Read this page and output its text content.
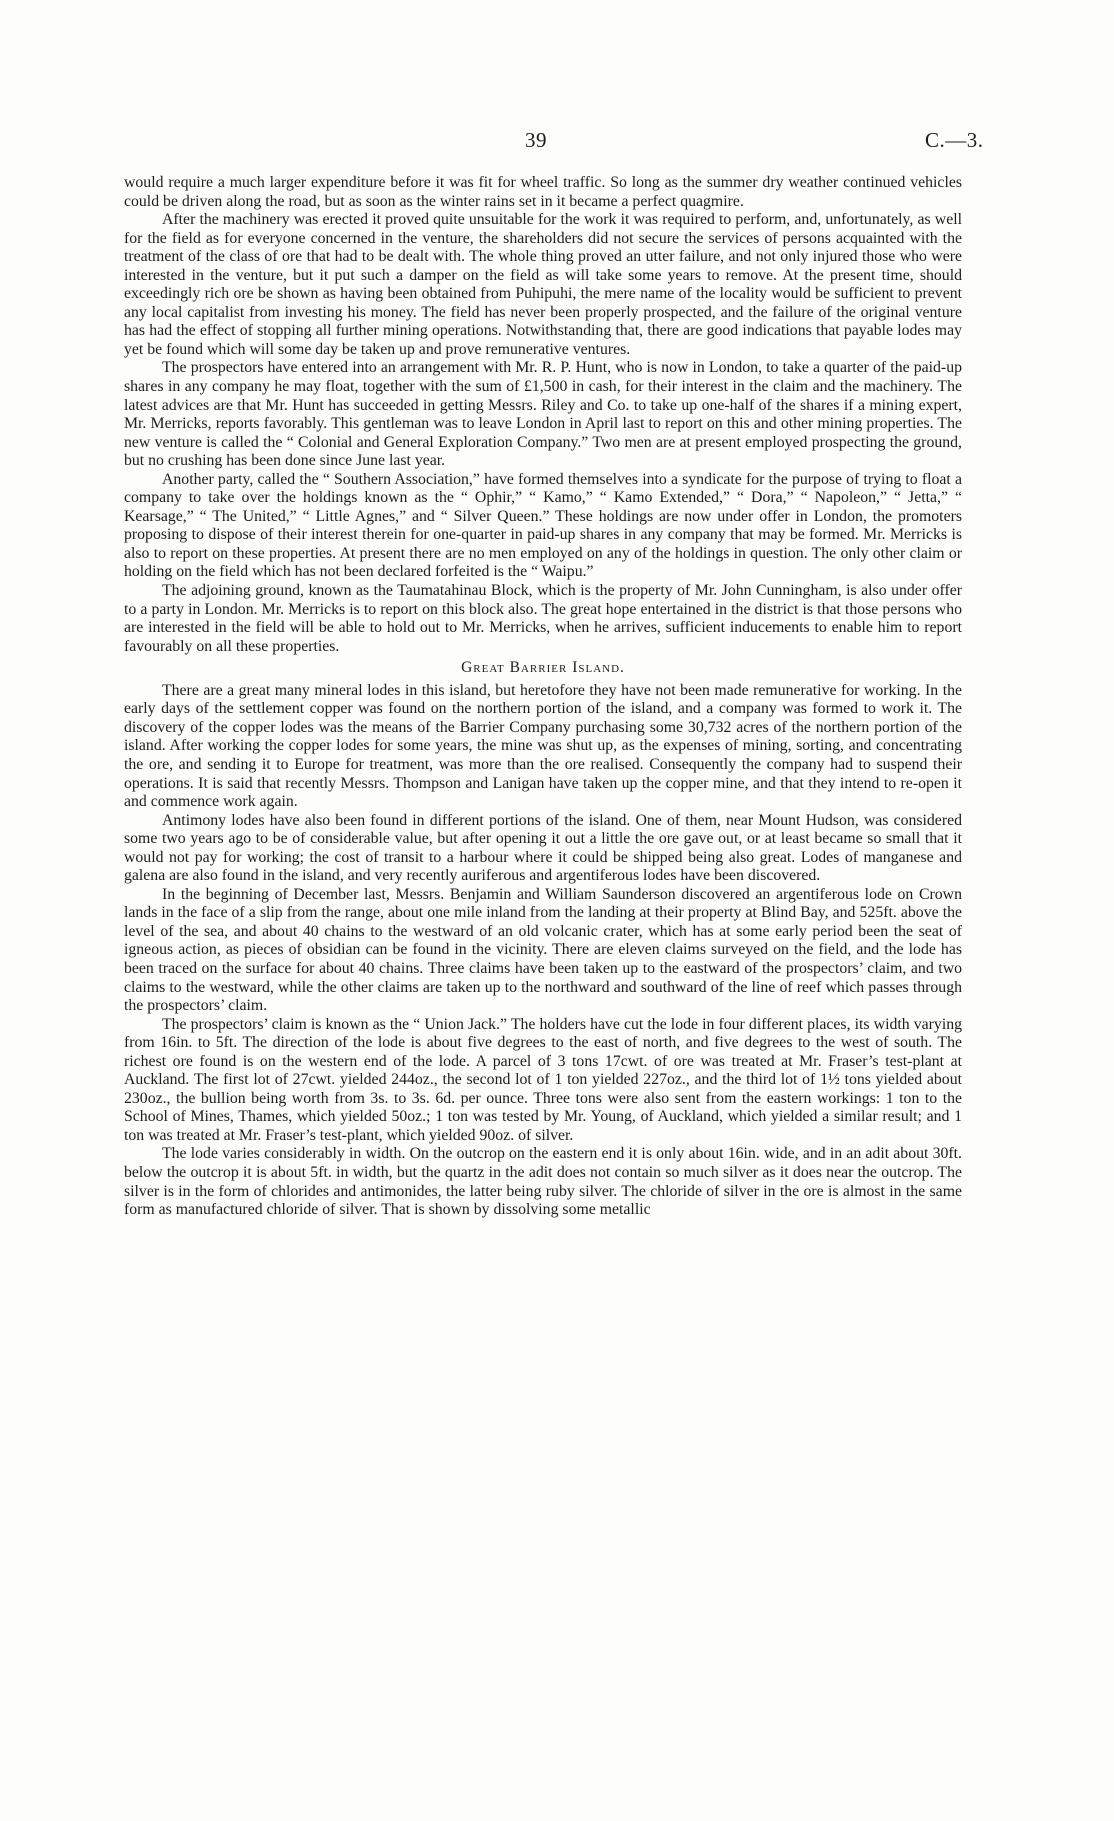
39	C.—3.

would require a much larger expenditure before it was fit for wheel traffic. So long as the summer dry weather continued vehicles could be driven along the road, but as soon as the winter rains set in it became a perfect quagmire.

After the machinery was erected it proved quite unsuitable for the work it was required to perform, and, unfortunately, as well for the field as for everyone concerned in the venture, the shareholders did not secure the services of persons acquainted with the treatment of the class of ore that had to be dealt with. The whole thing proved an utter failure, and not only injured those who were interested in the venture, but it put such a damper on the field as will take some years to remove. At the present time, should exceedingly rich ore be shown as having been obtained from Puhipuhi, the mere name of the locality would be sufficient to prevent any local capitalist from investing his money. The field has never been properly prospected, and the failure of the original venture has had the effect of stopping all further mining operations. Notwithstanding that, there are good indications that payable lodes may yet be found which will some day be taken up and prove remunerative ventures.

The prospectors have entered into an arrangement with Mr. R. P. Hunt, who is now in London, to take a quarter of the paid-up shares in any company he may float, together with the sum of £1,500 in cash, for their interest in the claim and the machinery. The latest advices are that Mr. Hunt has succeeded in getting Messrs. Riley and Co. to take up one-half of the shares if a mining expert, Mr. Merricks, reports favorably. This gentleman was to leave London in April last to report on this and other mining properties. The new venture is called the “ Colonial and General Exploration Company.” Two men are at present employed prospecting the ground, but no crushing has been done since June last year.

Another party, called the “ Southern Association,” have formed themselves into a syndicate for the purpose of trying to float a company to take over the holdings known as the “ Ophir,” “ Kamo,” “ Kamo Extended,” “ Dora,” “ Napoleon,” “ Jetta,” “ Kearsage,” “ The United,” “ Little Agnes,” and “ Silver Queen.” These holdings are now under offer in London, the promoters proposing to dispose of their interest therein for one-quarter in paid-up shares in any company that may be formed. Mr. Merricks is also to report on these properties. At present there are no men employed on any of the holdings in question. The only other claim or holding on the field which has not been declared forfeited is the “ Waipu.”

The adjoining ground, known as the Taumatahinau Block, which is the property of Mr. John Cunningham, is also under offer to a party in London. Mr. Merricks is to report on this block also. The great hope entertained in the district is that those persons who are interested in the field will be able to hold out to Mr. Merricks, when he arrives, sufficient inducements to enable him to report favourably on all these properties.

Great Barrier Island.

There are a great many mineral lodes in this island, but heretofore they have not been made remunerative for working. In the early days of the settlement copper was found on the northern portion of the island, and a company was formed to work it. The discovery of the copper lodes was the means of the Barrier Company purchasing some 30,732 acres of the northern portion of the island. After working the copper lodes for some years, the mine was shut up, as the expenses of mining, sorting, and concentrating the ore, and sending it to Europe for treatment, was more than the ore realised. Consequently the company had to suspend their operations. It is said that recently Messrs. Thompson and Lanigan have taken up the copper mine, and that they intend to re-open it and commence work again.

Antimony lodes have also been found in different portions of the island. One of them, near Mount Hudson, was considered some two years ago to be of considerable value, but after opening it out a little the ore gave out, or at least became so small that it would not pay for working; the cost of transit to a harbour where it could be shipped being also great. Lodes of manganese and galena are also found in the island, and very recently auriferous and argentiferous lodes have been discovered.

In the beginning of December last, Messrs. Benjamin and William Saunderson discovered an argentiferous lode on Crown lands in the face of a slip from the range, about one mile inland from the landing at their property at Blind Bay, and 525ft. above the level of the sea, and about 40 chains to the westward of an old volcanic crater, which has at some early period been the seat of igneous action, as pieces of obsidian can be found in the vicinity. There are eleven claims surveyed on the field, and the lode has been traced on the surface for about 40 chains. Three claims have been taken up to the eastward of the prospectors’ claim, and two claims to the westward, while the other claims are taken up to the northward and southward of the line of reef which passes through the prospectors’ claim.

The prospectors’ claim is known as the “ Union Jack.” The holders have cut the lode in four different places, its width varying from 16in. to 5ft. The direction of the lode is about five degrees to the east of north, and five degrees to the west of south. The richest ore found is on the western end of the lode. A parcel of 3 tons 17cwt. of ore was treated at Mr. Fraser’s test-plant at Auckland. The first lot of 27cwt. yielded 244oz., the second lot of 1 ton yielded 227oz., and the third lot of 1½ tons yielded about 230oz., the bullion being worth from 3s. to 3s. 6d. per ounce. Three tons were also sent from the eastern workings: 1 ton to the School of Mines, Thames, which yielded 50oz.; 1 ton was tested by Mr. Young, of Auckland, which yielded a similar result; and 1 ton was treated at Mr. Fraser’s test-plant, which yielded 90oz. of silver.

The lode varies considerably in width. On the outcrop on the eastern end it is only about 16in. wide, and in an adit about 30ft. below the outcrop it is about 5ft. in width, but the quartz in the adit does not contain so much silver as it does near the outcrop. The silver is in the form of chlorides and antimonides, the latter being ruby silver. The chloride of silver in the ore is almost in the same form as manufactured chloride of silver. That is shown by dissolving some metallic
